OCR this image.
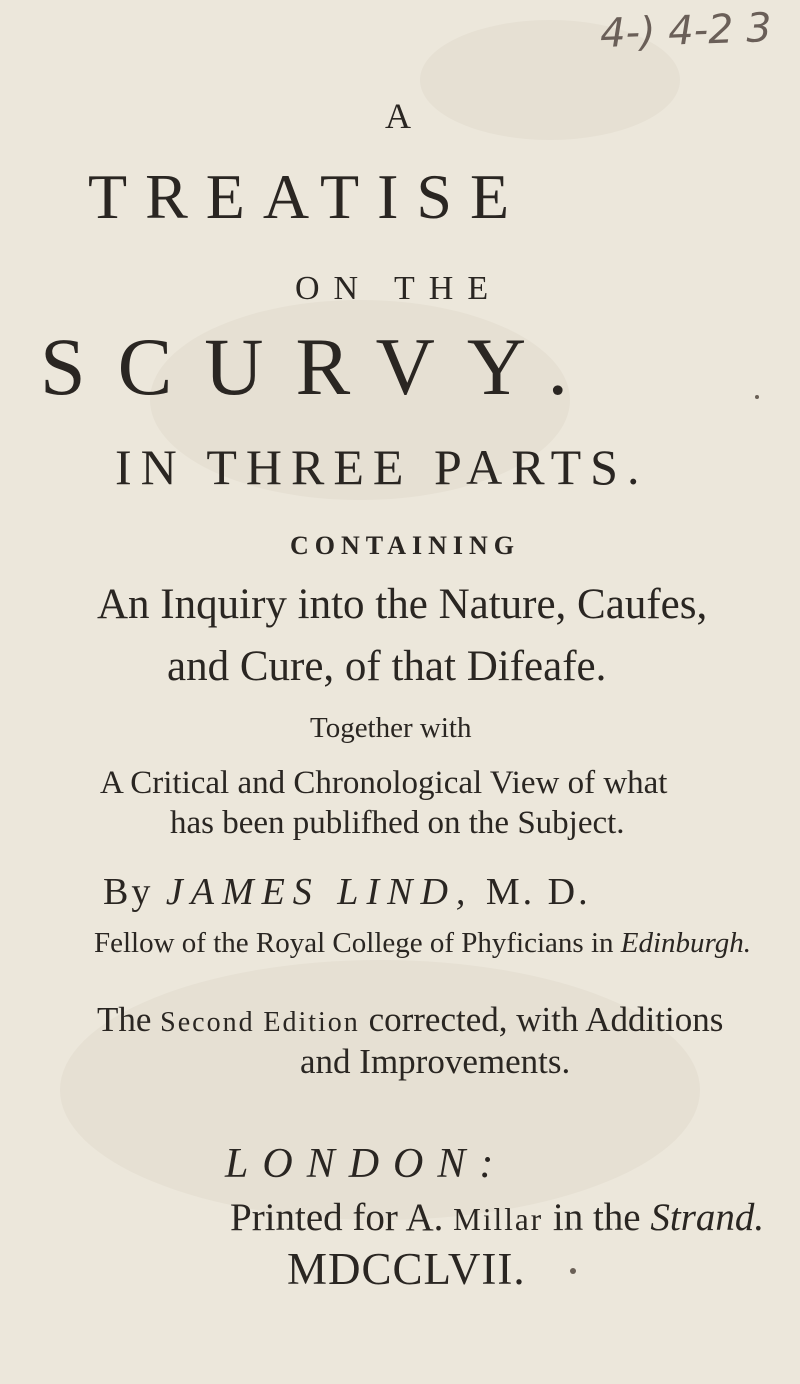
4-) 4-2 3
A
TREATISE
ON THE
SCURVY.
IN THREE PARTS.
CONTAINING
An Inquiry into the Nature, Caufes,
and Cure, of that Difeafe.
Together with
A Critical and Chronological View of what
has been publifhed on the Subject.
By JAMES LIND, M. D.
Fellow of the Royal College of Phyficians in Edinburgh.
The Second Edition corrected, with Additions
and Improvements.
LONDON:
Printed for A. Millar in the Strand.
MDCCLVII.
